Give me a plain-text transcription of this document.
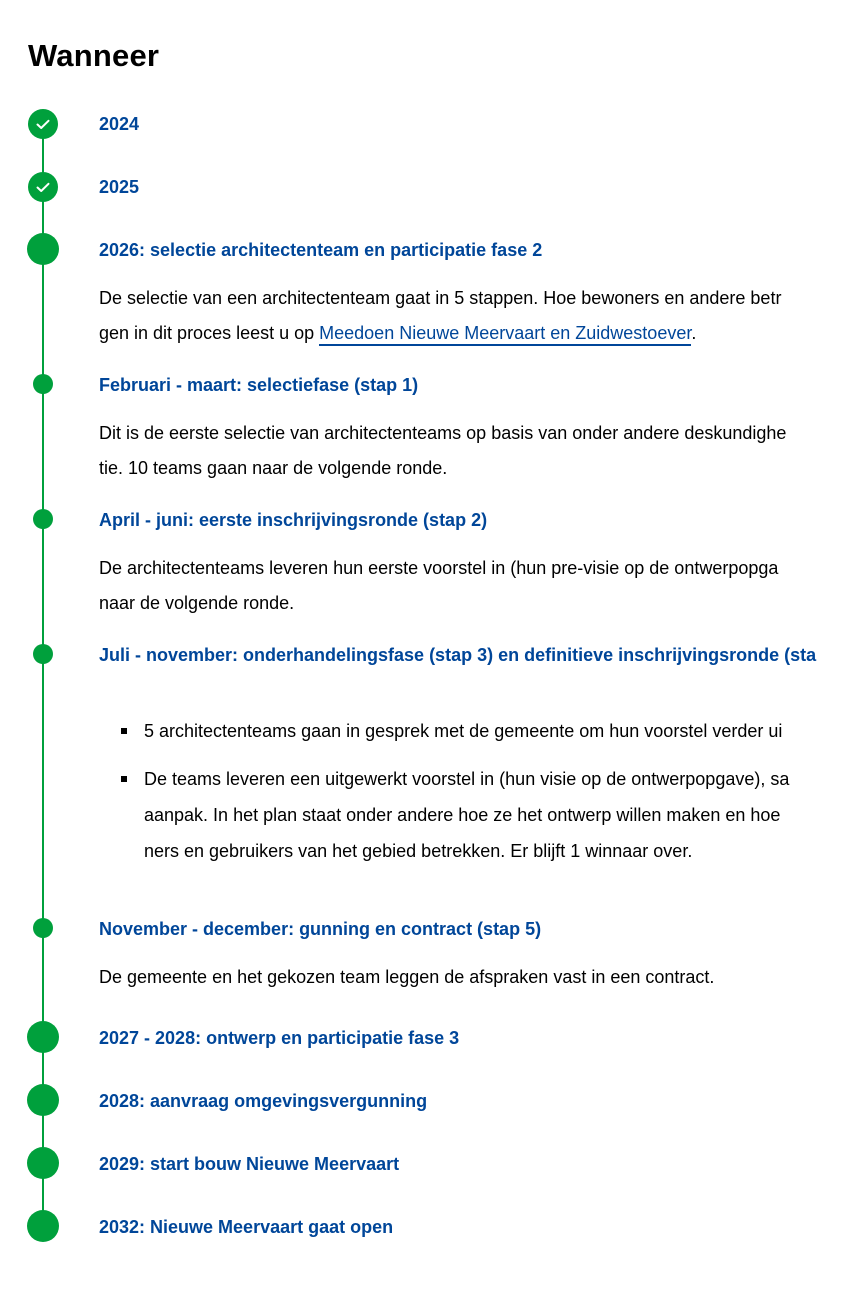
Wanneer
2024
2025
2026: selectie architectenteam en participatie fase 2
De selectie van een architectenteam gaat in 5 stappen. Hoe bewoners en andere betr
gen in dit proces leest u op Meedoen Nieuwe Meervaart en Zuidwestoever.
Februari - maart: selectiefase (stap 1)
Dit is de eerste selectie van architectenteams op basis van onder andere deskundighe
tie. 10 teams gaan naar de volgende ronde.
April - juni: eerste inschrijvingsronde (stap 2)
De architectenteams leveren hun eerste voorstel in (hun pre-visie op de ontwerpopga
naar de volgende ronde.
Juli - november: onderhandelingsfase (stap 3) en definitieve inschrijvingsronde (sta
5 architectenteams gaan in gesprek met de gemeente om hun voorstel verder ui
De teams leveren een uitgewerkt voorstel in (hun visie op de ontwerpopgave), sa
aanpak. In het plan staat onder andere hoe ze het ontwerp willen maken en hoe
ners en gebruikers van het gebied betrekken. Er blijft 1 winnaar over.
November - december: gunning en contract (stap 5)
De gemeente en het gekozen team leggen de afspraken vast in een contract.
2027 - 2028: ontwerp en participatie fase 3
2028: aanvraag omgevingsvergunning
2029: start bouw Nieuwe Meervaart
2032: Nieuwe Meervaart gaat open
